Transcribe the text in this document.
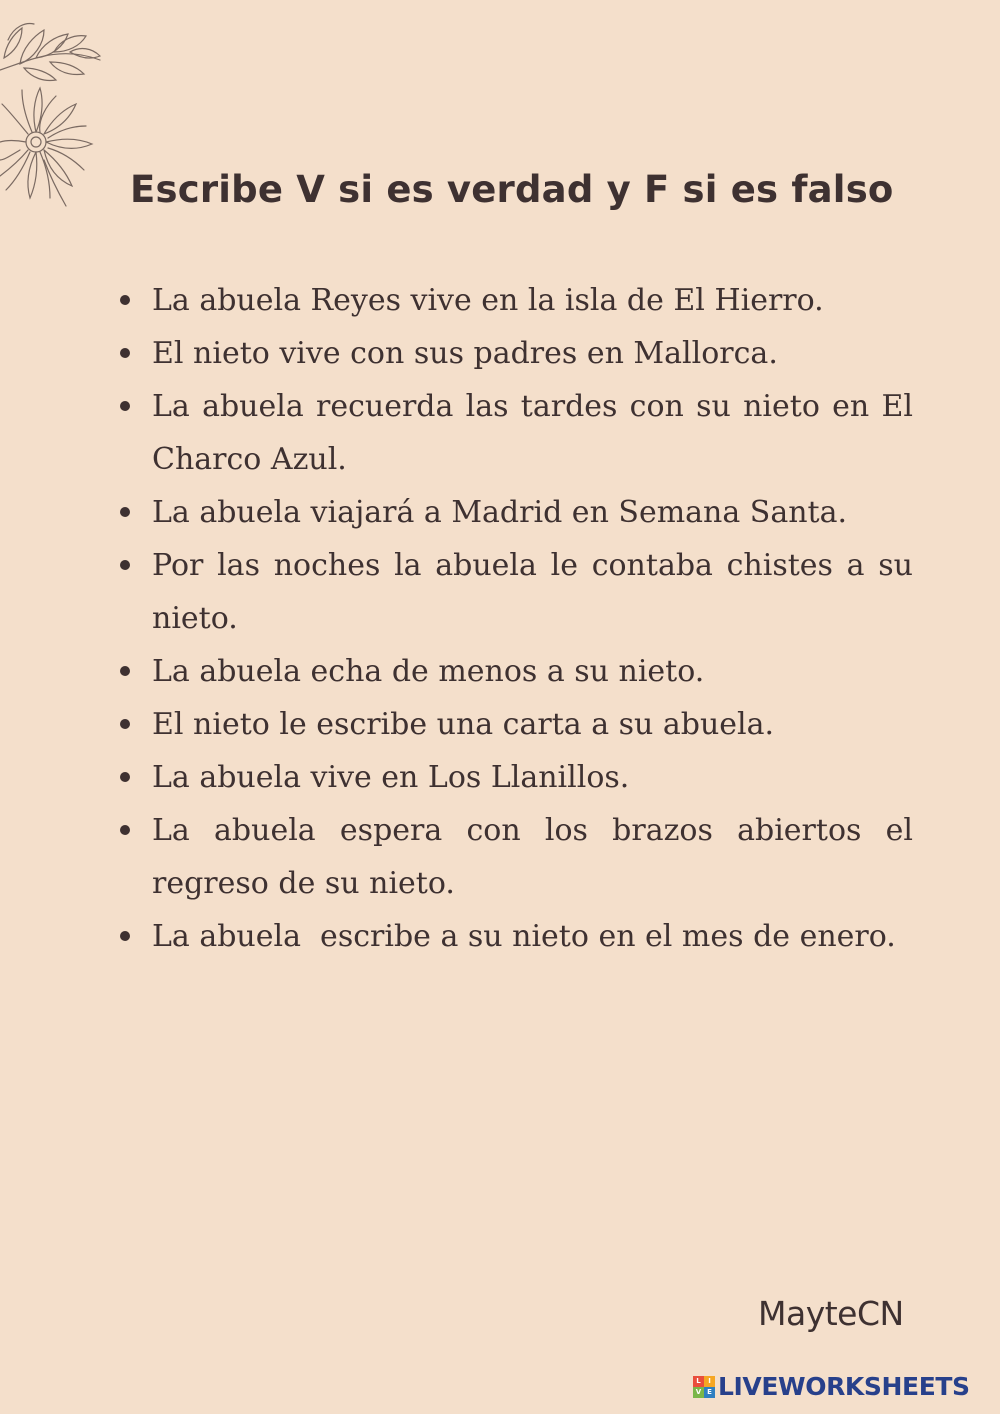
Escribe V si es verdad y F si es falso
La abuela Reyes vive en la isla de El Hierro.
El nieto vive con sus padres en Mallorca.
La abuela recuerda las tardes con su nieto en El Charco Azul.
La abuela viajará a Madrid en Semana Santa.
Por las noches la abuela le contaba chistes a su nieto.
La abuela echa de menos a su nieto.
El nieto le escribe una carta a su abuela.
La abuela vive en Los Llanillos.
La abuela espera con los brazos abiertos el regreso de su nieto.
La abuela  escribe a su nieto en el mes de enero.
MayteCN
L	I
V E LIVEWORKSHEETS
